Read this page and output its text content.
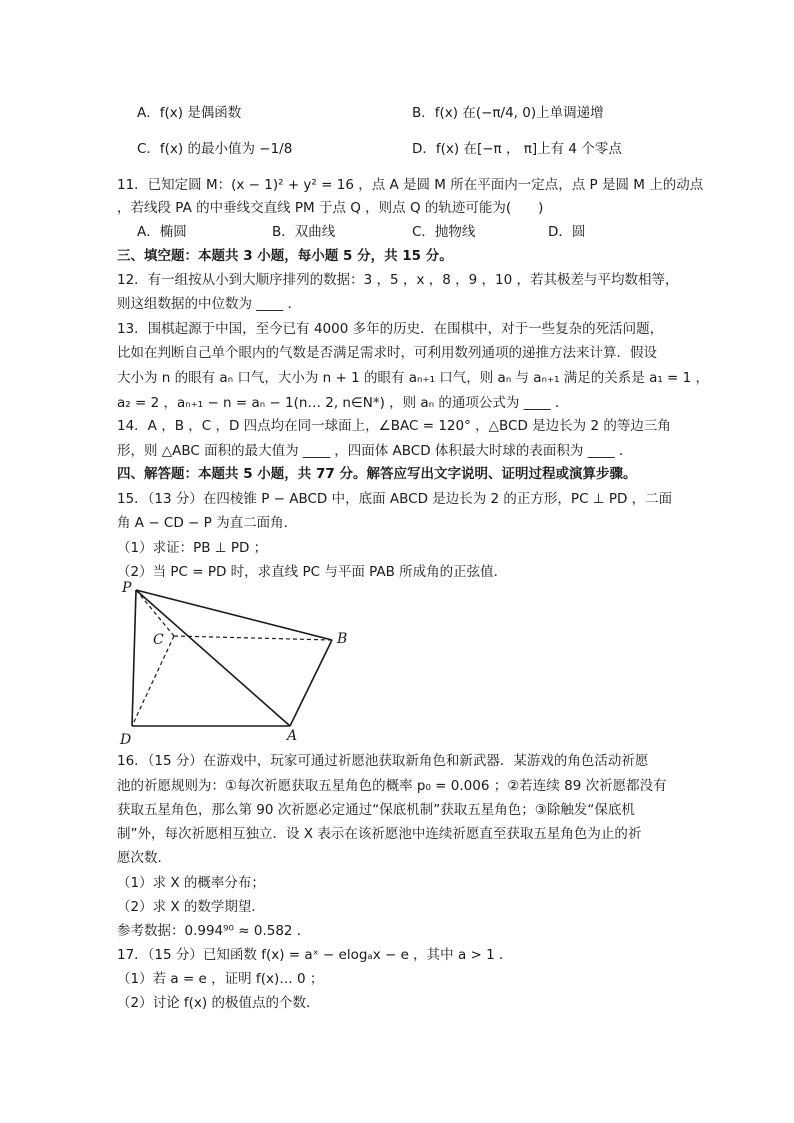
A．f(x) 是偶函数	B．f(x) 在(−π/4, 0)上单调递增
C．f(x) 的最小值为 −1/8	D．f(x) 在[−π ， π]上有 4 个零点
11．已知定圆 M：(x − 1)² + y² = 16 ，点 A 是圆 M 所在平面内一定点，点 P 是圆 M 上的动点
，若线段 PA 的中垂线交直线 PM 于点 Q ，则点 Q 的轨迹可能为(　　)
A．椭圆	B．双曲线	C．抛物线	D．圆
三、填空题：本题共 3 小题，每小题 5 分，共 15 分。
12．有一组按从小到大顺序排列的数据：3 ，5 ，x ，8 ，9 ，10 ，若其极差与平均数相等，
则这组数据的中位数为 ____ ．
13．围棋起源于中国，至今已有 4000 多年的历史．在围棋中，对于一些复杂的死活问题，
比如在判断自己单个眼内的气数是否满足需求时，可利用数列通项的递推方法来计算．假设
大小为 n 的眼有 aₙ 口气，大小为 n + 1 的眼有 aₙ₊₁ 口气，则 aₙ 与 aₙ₊₁ 满足的关系是 a₁ = 1 ，
a₂ = 2 ，aₙ₊₁ − n = aₙ − 1(n… 2, n∈N*) ，则 aₙ 的通项公式为 ____ ．
14．A ，B ，C ，D 四点均在同一球面上，∠BAC = 120° ，△BCD 是边长为 2 的等边三角
形，则 △ABC 面积的最大值为 ____ ，四面体 ABCD 体积最大时球的表面积为 ____ ．
四、解答题：本题共 5 小题，共 77 分。解答应写出文字说明、证明过程或演算步骤。
15．（13 分）在四棱锥 P − ABCD 中，底面 ABCD 是边长为 2 的正方形，PC ⊥ PD ，二面
角 A − CD − P 为直二面角．
（1）求证：PB ⊥ PD ；
（2）当 PC = PD 时，求直线 PC 与平面 PAB 所成角的正弦值．
P
C	B
D	A
16．（15 分）在游戏中，玩家可通过祈愿池获取新角色和新武器．某游戏的角色活动祈愿
池的祈愿规则为：①每次祈愿获取五星角色的概率 p₀ = 0.006 ；②若连续 89 次祈愿都没有
获取五星角色，那么第 90 次祈愿必定通过“保底机制”获取五星角色；③除触发“保底机
制”外，每次祈愿相互独立．设 X 表示在该祈愿池中连续祈愿直至获取五星角色为止的祈
愿次数．
（1）求 X 的概率分布；
（2）求 X 的数学期望．
参考数据：0.994⁹⁰ ≈ 0.582 ．
17．（15 分）已知函数 f(x) = aˣ − elogₐx − e ，其中 a > 1 ．
（1）若 a = e ，证明 f(x)… 0 ；
（2）讨论 f(x) 的极值点的个数．
